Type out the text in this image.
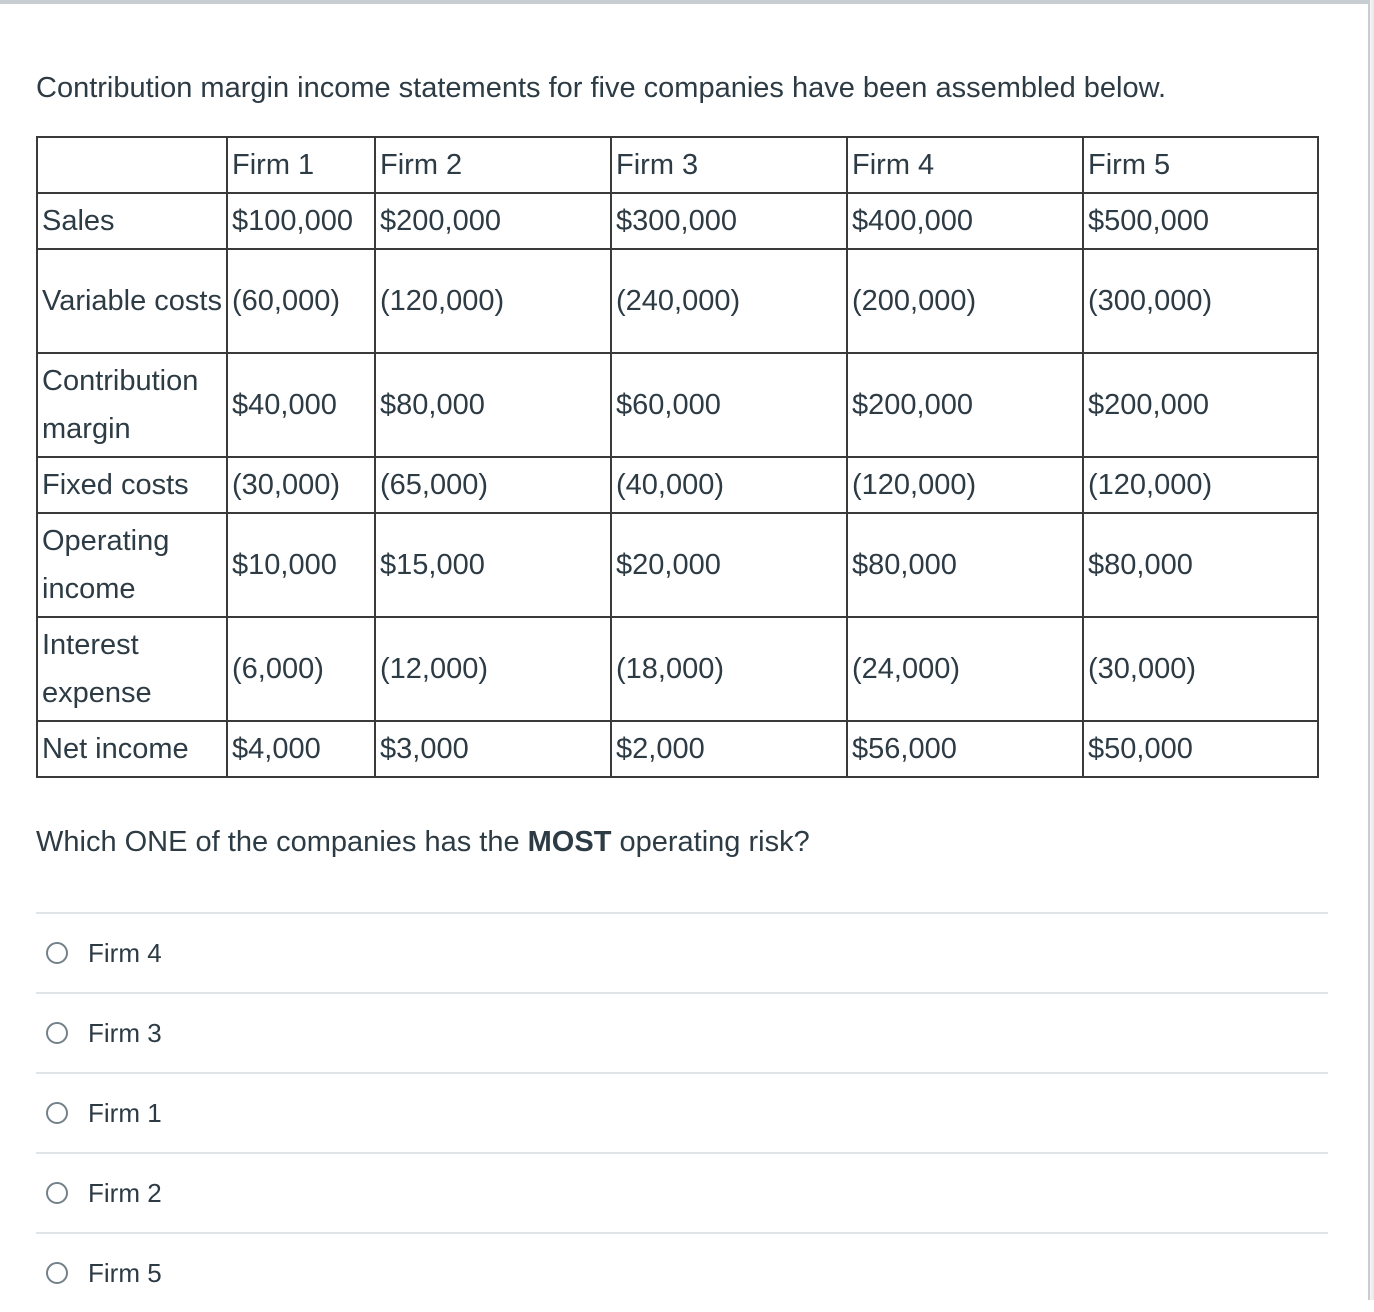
Contribution margin income statements for five companies have been assembled below.

	Firm 1	Firm 2	Firm 3	Firm 4	Firm 5
Sales	$100,000	$200,000	$300,000	$400,000	$500,000
Variable costs	(60,000)	(120,000)	(240,000)	(200,000)	(300,000)
Contribution margin	$40,000	$80,000	$60,000	$200,000	$200,000
Fixed costs	(30,000)	(65,000)	(40,000)	(120,000)	(120,000)
Operating income	$10,000	$15,000	$20,000	$80,000	$80,000
Interest expense	(6,000)	(12,000)	(18,000)	(24,000)	(30,000)
Net income	$4,000	$3,000	$2,000	$56,000	$50,000
Which ONE of the companies has the MOST operating risk?
Firm 4
Firm 3
Firm 1
Firm 2
Firm 5
